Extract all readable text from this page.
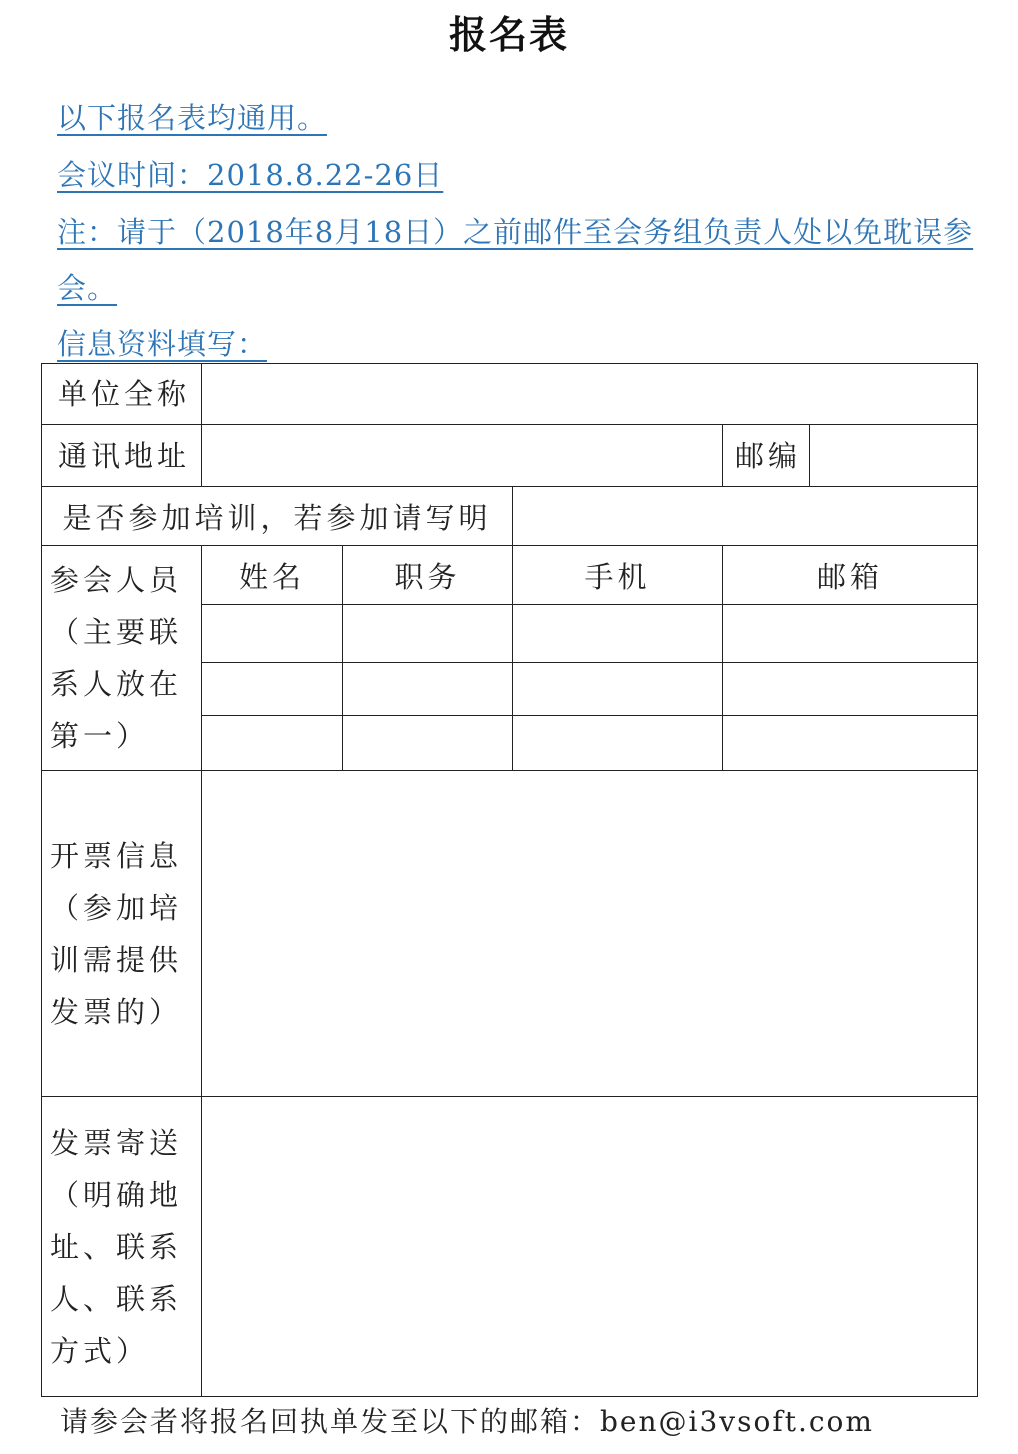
报名表
以下报名表均通用。
会议时间：2018.8.22-26日
注：请于（2018年8月18日）之前邮件至会务组负责人处以免耽误参
会。
信息资料填写：
单位全称					
通讯地址				邮编	
是否参加培训，若参加请写明					

参会人员（主要联系人放在第一）	姓名	职务	手机	邮箱	

开票信息（参加培训需提供发票的）					

发票寄送（明确地址、联系人、联系方式）					

请参会者将报名回执单发至以下的邮箱：ben@i3vsoft.com
